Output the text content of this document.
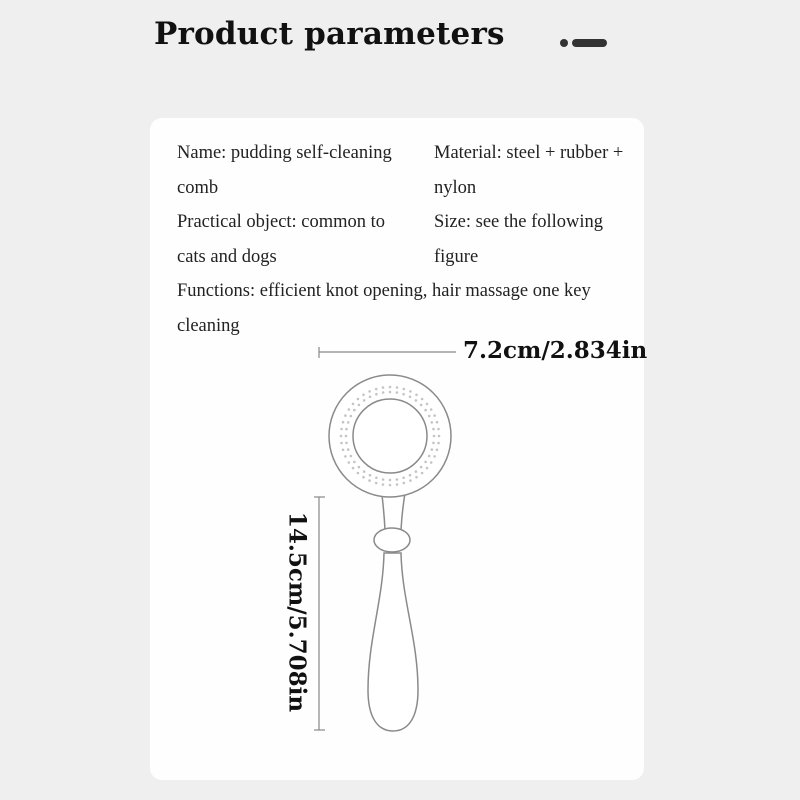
Product parameters
Name: pudding self-cleaning comb
Material: steel + rubber + nylon
Practical object: common to cats and dogs
Size: see the following figure
Functions: efficient knot opening, hair massage one key cleaning
7.2cm/2.834in
14.5cm/5.708in
